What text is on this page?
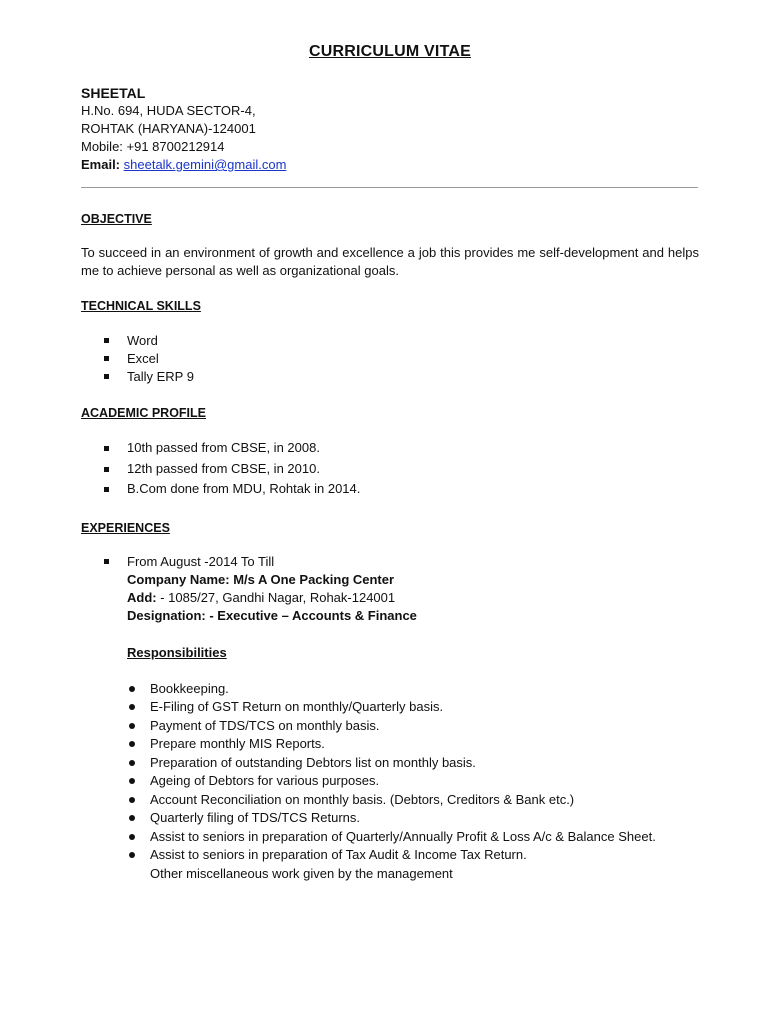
CURRICULUM VITAE
SHEETAL
H.No. 694, HUDA SECTOR-4,
ROHTAK (HARYANA)-124001
Mobile: +91 8700212914
Email: sheetalk.gemini@gmail.com
OBJECTIVE
To succeed in an environment of growth and excellence a job this provides me self-development and helps me to achieve personal as well as organizational goals.
TECHNICAL SKILLS
Word
Excel
Tally ERP 9
ACADEMIC PROFILE
10th passed from CBSE, in 2008.
12th passed from CBSE, in 2010.
B.Com done from MDU, Rohtak in 2014.
EXPERIENCES
From August -2014 To Till
Company Name: M/s A One Packing Center
Add: - 1085/27, Gandhi Nagar, Rohak-124001
Designation: - Executive – Accounts & Finance
Responsibilities
Bookkeeping.
E-Filing of GST Return on monthly/Quarterly basis.
Payment of TDS/TCS on monthly basis.
Prepare monthly MIS Reports.
Preparation of outstanding Debtors list on monthly basis.
Ageing of Debtors for various purposes.
Account Reconciliation on monthly basis. (Debtors, Creditors & Bank etc.)
Quarterly filing of TDS/TCS Returns.
Assist to seniors in preparation of Quarterly/Annually Profit & Loss A/c & Balance Sheet.
Assist to seniors in preparation of Tax Audit & Income Tax Return.
Other miscellaneous work given by the management
